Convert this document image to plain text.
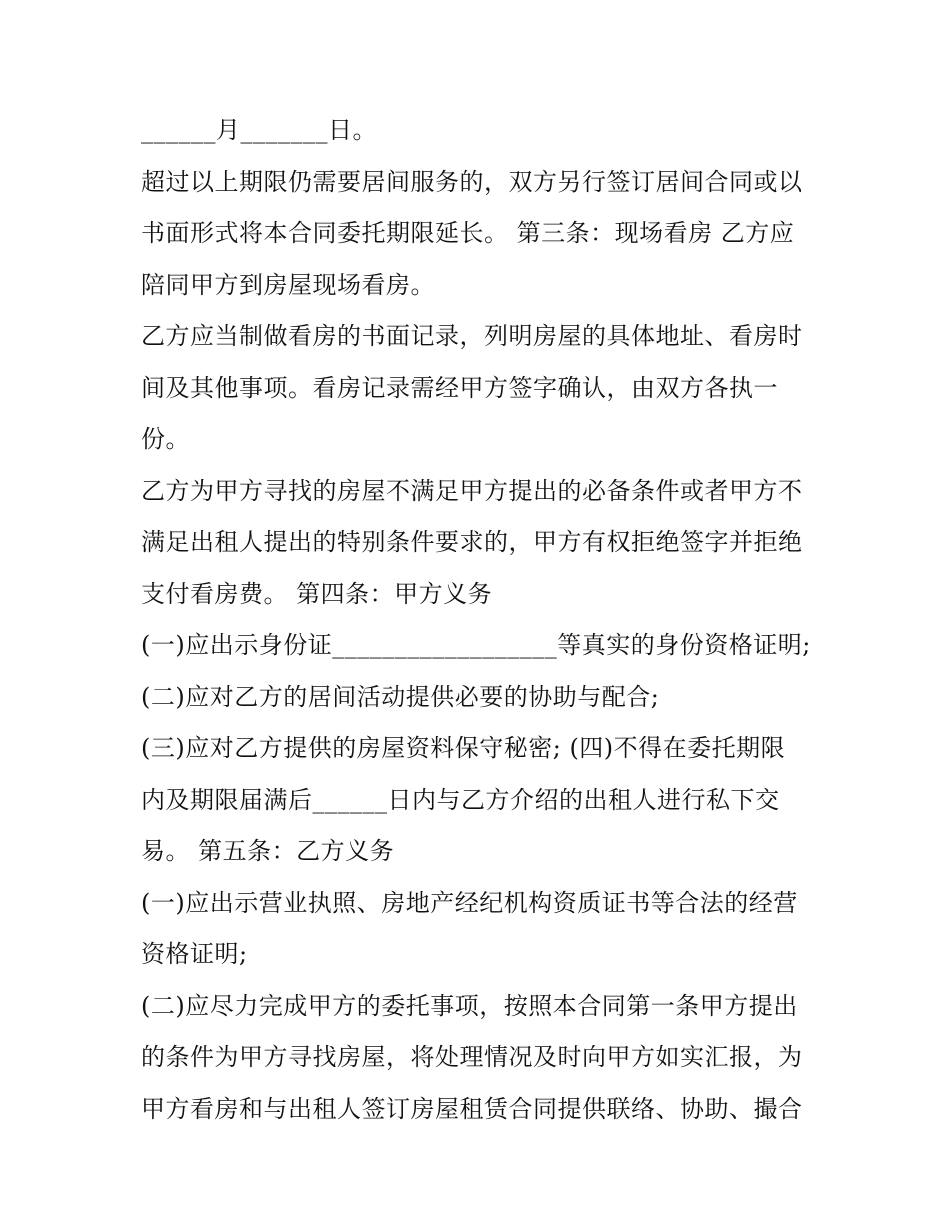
______月_______日。
超过以上期限仍需要居间服务的，双方另行签订居间合同或以
书面形式将本合同委托期限延长。 第三条：现场看房 乙方应
陪同甲方到房屋现场看房。
乙方应当制做看房的书面记录，列明房屋的具体地址、看房时
间及其他事项。看房记录需经甲方签字确认，由双方各执一
份。
乙方为甲方寻找的房屋不满足甲方提出的必备条件或者甲方不
满足出租人提出的特别条件要求的，甲方有权拒绝签字并拒绝
支付看房费。 第四条：甲方义务
(一)应出示身份证__________________等真实的身份资格证明;
(二)应对乙方的居间活动提供必要的协助与配合;
(三)应对乙方提供的房屋资料保守秘密; (四)不得在委托期限
内及期限届满后______日内与乙方介绍的出租人进行私下交
易。 第五条：乙方义务
(一)应出示营业执照、房地产经纪机构资质证书等合法的经营
资格证明;
(二)应尽力完成甲方的委托事项，按照本合同第一条甲方提出
的条件为甲方寻找房屋，将处理情况及时向甲方如实汇报，为
甲方看房和与出租人签订房屋租赁合同提供联络、协助、撮合
